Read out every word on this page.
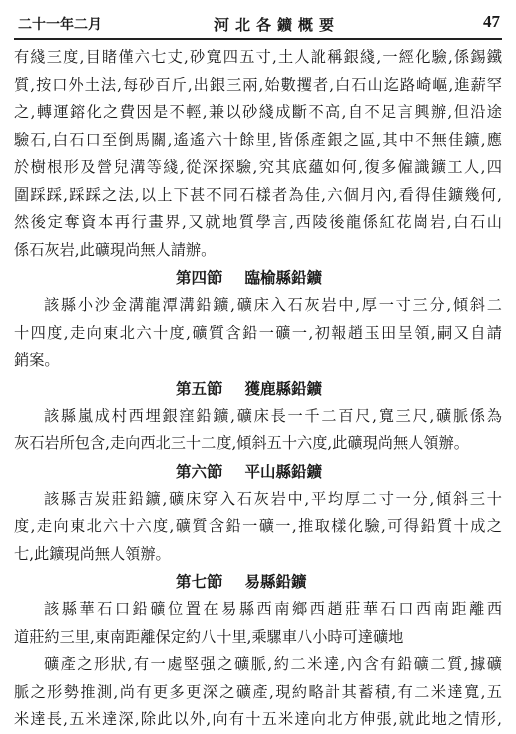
二十一年二月	河北各鑛概要	47
有綫三度,目睹僅六七丈,砂寬四五寸,土人訛稱銀綫,一經化驗,係錫鐵
質,按口外土法,每砂百斤,出銀三兩,始數攫者,白石山迄路崎嶇,進薪罕
之,轉運鎔化之費因是不輕,兼以砂綫成斷不高,自不足言興辦,但沿途
驗石,白石口至倒馬關,遙遙六十餘里,皆係產銀之區,其中不無佳鑛,應
於樹根形及營兒溝等綫,從深探驗,究其底蘊如何,復多僱識鑛工人,四
圍踩踩,踩踩之法,以上下甚不同石樣者為佳,六個月內,看得佳鑛幾何,
然後定奪資本再行畫界,又就地質學言,西陵後龍係紅花崗岩,白石山
係石灰岩,此礦現尚無人請辦。
第四節 臨榆縣鉛鑛
該縣小沙金溝龍潭溝鉛鑛,礦床入石灰岩中,厚一寸三分,傾斜二
十四度,走向東北六十度,礦質含鉛一礦一,初報趙玉田呈領,嗣又自請
銷案。
第五節 獲鹿縣鉛鑛
該縣嵐成村西埋銀窪鉛鑛,礦床長一千二百尺,寬三尺,礦脈係為
灰石岩所包含,走向西北三十二度,傾斜五十六度,此礦現尚無人領辦。
第六節 平山縣鉛鑛
該縣吉炭莊鉛鑛,礦床穿入石灰岩中,平均厚二寸一分,傾斜三十
度,走向東北六十六度,礦質含鉛一礦一,推取樣化驗,可得鉛質十成之
七,此鑛現尚無人領辦。
第七節 易縣鉛鑛
該縣華石口鉛礦位置在易縣西南鄉西趙莊華石口西南距離西
道莊約三里,東南距離保定約八十里,乘騾車八小時可達礦地
礦產之形狀,有一處堅强之礦脈,約二米達,內含有鉛礦二質,據礦
脈之形勢推測,尚有更多更深之礦產,現約略計其蓄積,有二米達寬,五
米達長,五米達深,除此以外,向有十五米達向北方伸張,就此地之情形,
